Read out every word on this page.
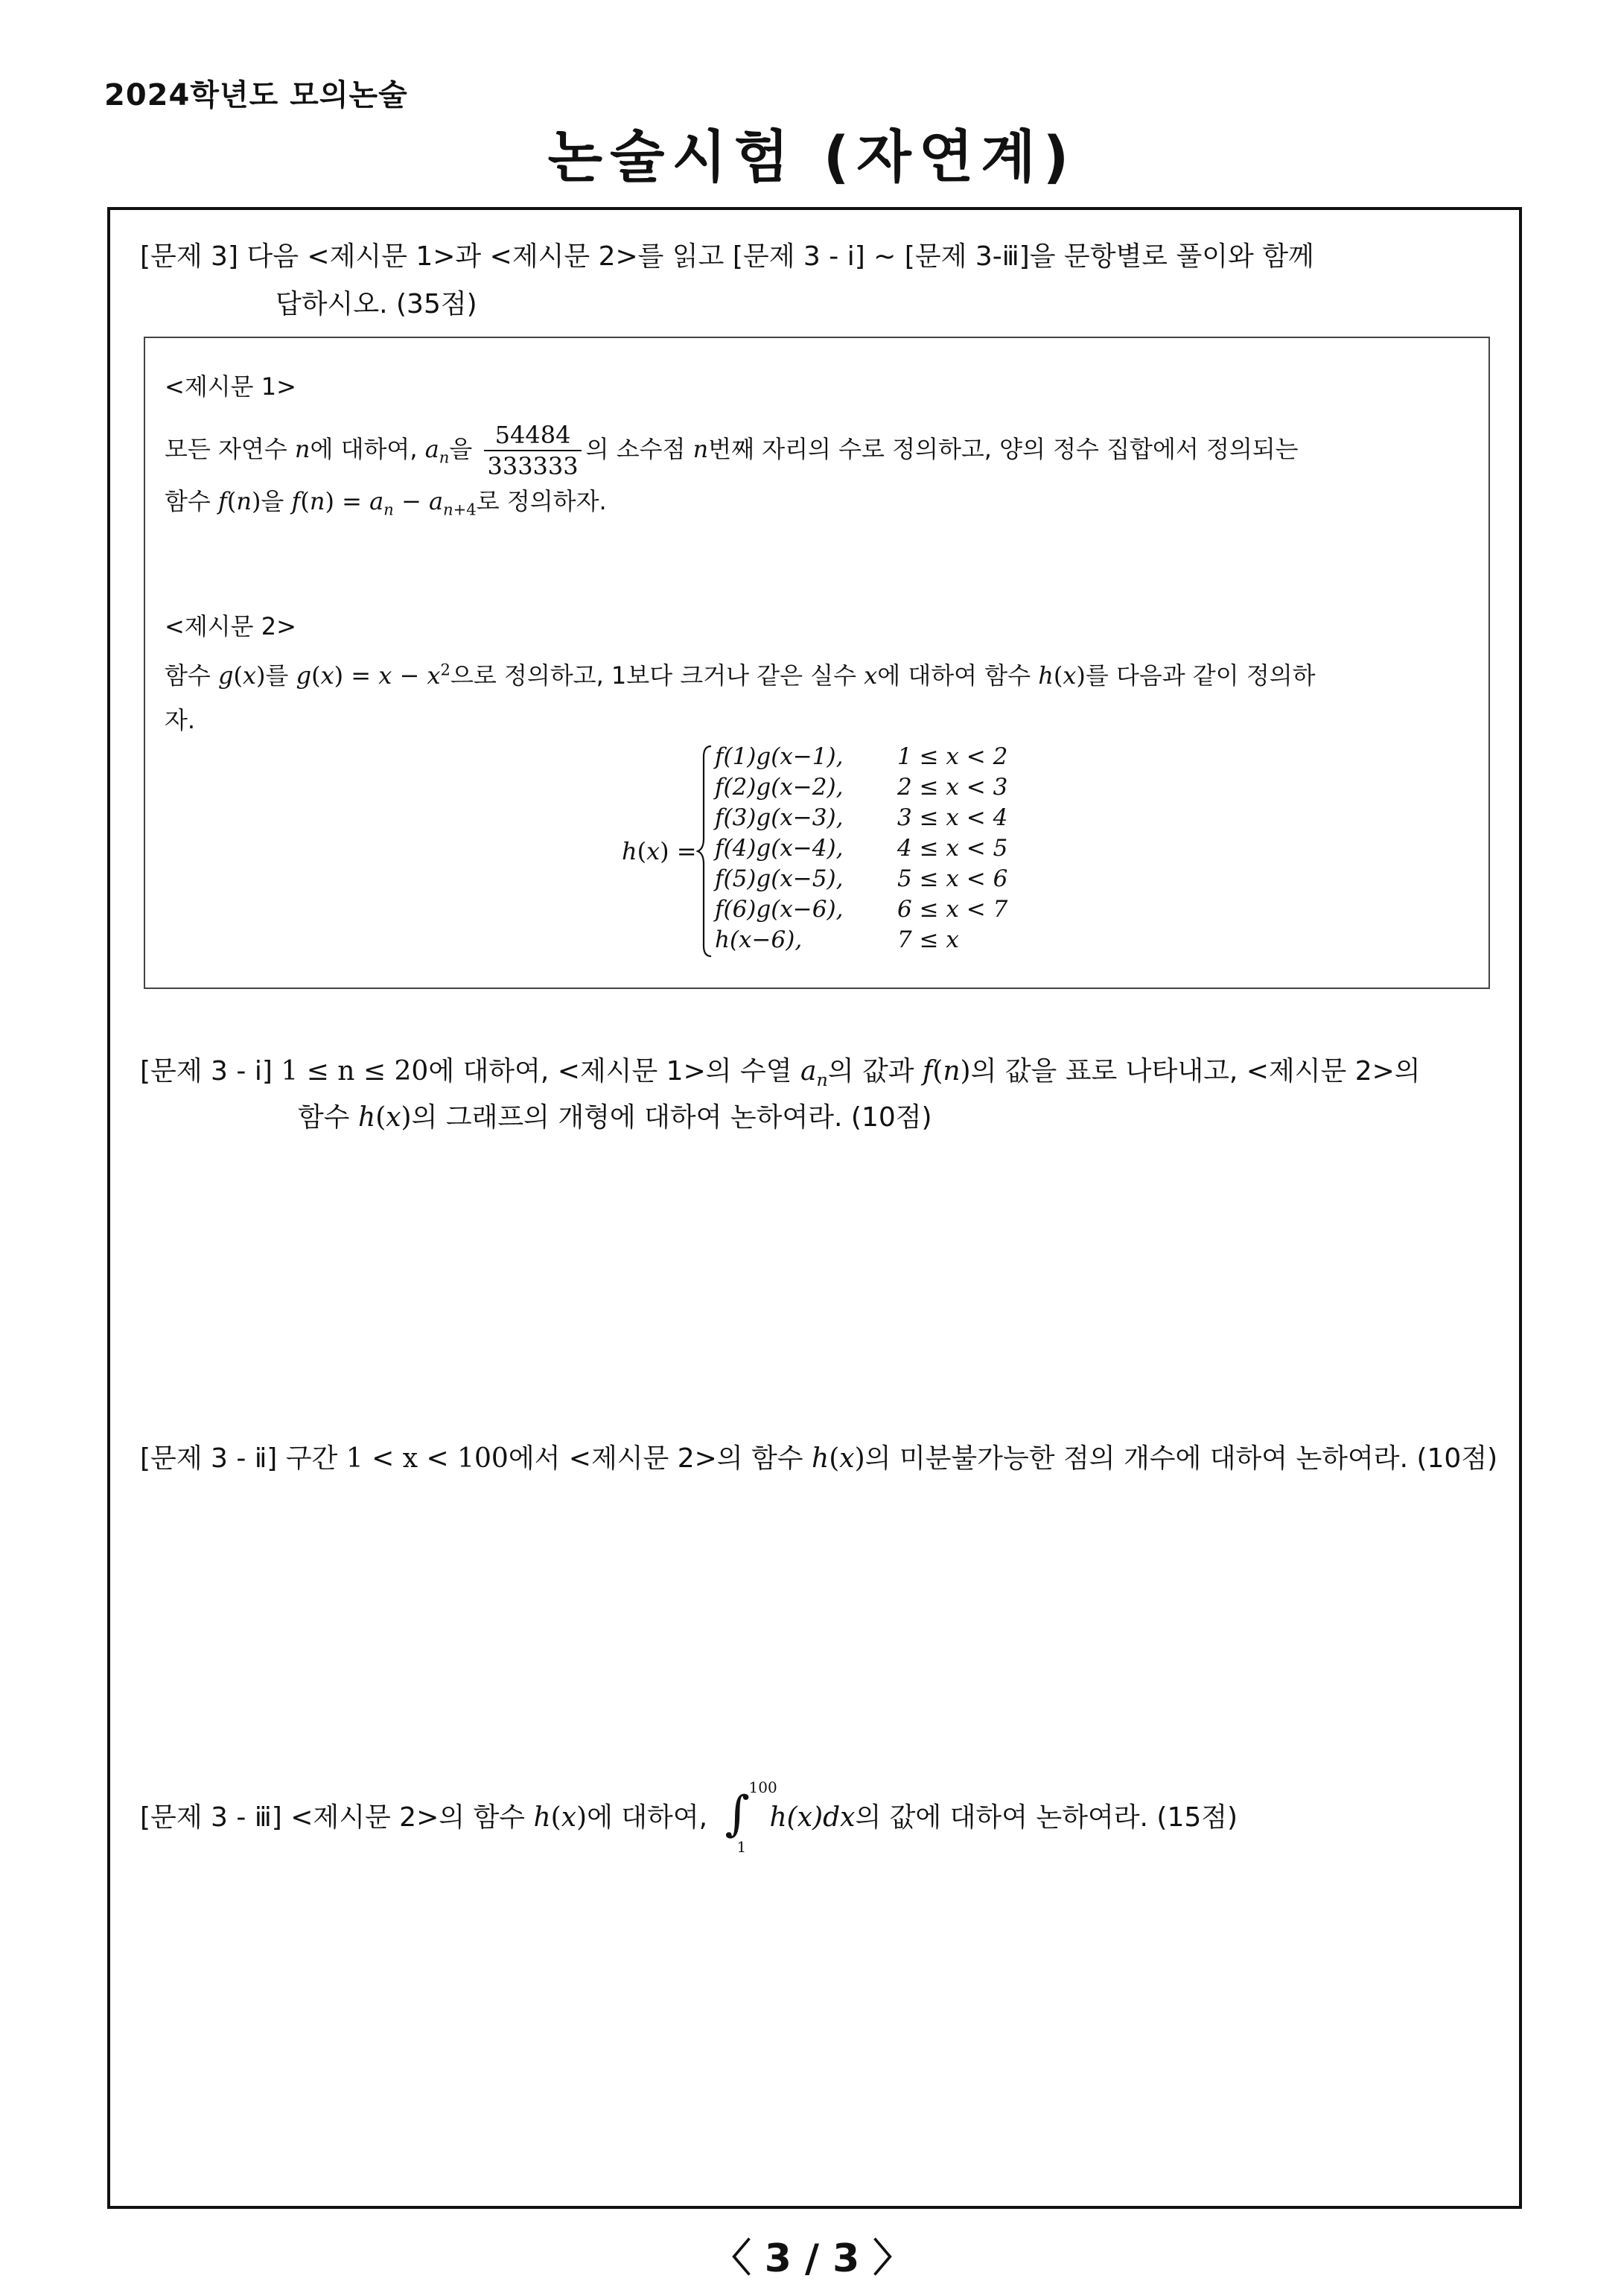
2024학년도 모의논술
논술시험 (자연계)
[문제 3] 다음 <제시문 1>과 <제시문 2>를 읽고 [문제 3 - ⅰ] ~ [문제 3-ⅲ]을 문항별로 풀이와 함께
답하시오. (35점)
<제시문 1>
모든 자연수 n에 대하여, $a_n$을 $\frac{54484}{333333}$ 의 소수점 n번째 자리의 수로 정의하고, 양의 정수 집합에서 정의되는
함수 f(n)을 $f(n) = a_n - a_{n+4}$로 정의하자.
<제시문 2>
함수 g(x)를 $g(x) = x - x^2$으로 정의하고, 1보다 크거나 같은 실수 x에 대하여 함수 h(x)를 다음과 같이 정의하
자.
h(x) =
f(1)g(x−1), 1 ≤ x < 2
f(2)g(x−2), 2 ≤ x < 3
f(3)g(x−3), 3 ≤ x < 4
f(4)g(x−4), 4 ≤ x < 5
f(5)g(x−5), 5 ≤ x < 6
f(6)g(x−6), 6 ≤ x < 7
h(x−6),	7 ≤ x
[문제 3 - ⅰ] 1 ≤ n ≤ 20에 대하여, <제시문 1>의 수열 $a_n$의 값과 f(n)의 값을 표로 나타내고, <제시문 2>의
함수 h(x)의 그래프의 개형에 대하여 논하여라. (10점)
[문제 3 - ⅱ] 구간 1 < x < 100에서 <제시문 2>의 함수 h(x)의 미분불가능한 점의 개수에 대하여 논하여라. (10점)
[문제 3 - ⅲ] <제시문 2>의 함수 h(x)에 대하여, ∫
100
1
h(x)dx의 값에 대하여 논하여라. (15점)
〈 3 / 3 〉
